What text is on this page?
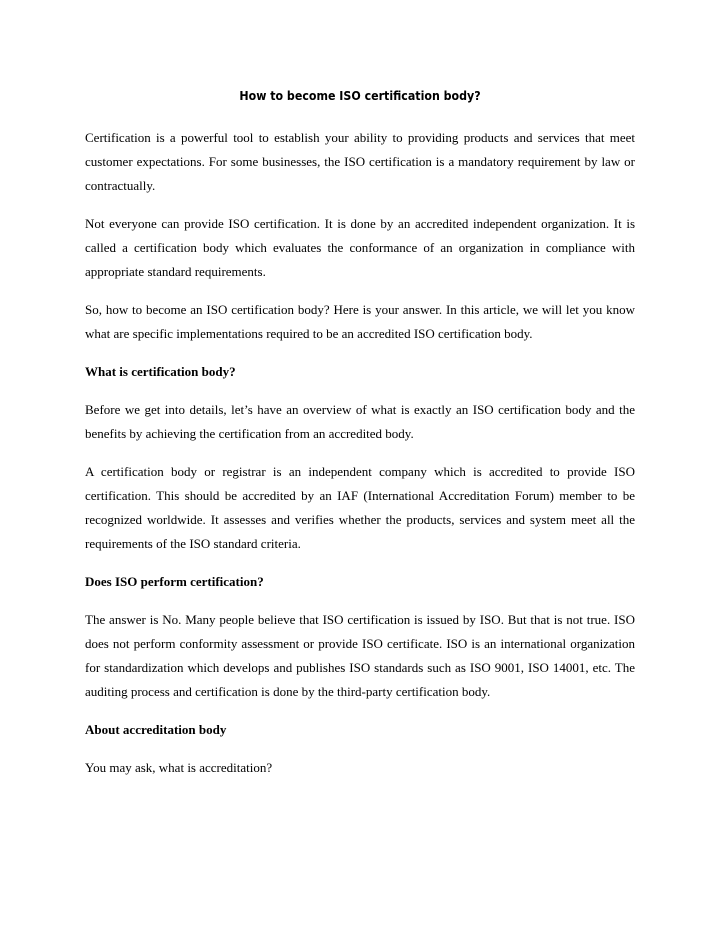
How to become ISO certification body?

Certification is a powerful tool to establish your ability to providing products and services that meet customer expectations. For some businesses, the ISO certification is a mandatory requirement by law or contractually.

Not everyone can provide ISO certification. It is done by an accredited independent organization. It is called a certification body which evaluates the conformance of an organization in compliance with appropriate standard requirements.

So, how to become an ISO certification body? Here is your answer. In this article, we will let you know what are specific implementations required to be an accredited ISO certification body.

What is certification body?

Before we get into details, let’s have an overview of what is exactly an ISO certification body and the benefits by achieving the certification from an accredited body.

A certification body or registrar is an independent company which is accredited to provide ISO certification. This should be accredited by an IAF (International Accreditation Forum) member to be recognized worldwide. It assesses and verifies whether the products, services and system meet all the requirements of the ISO standard criteria.

Does ISO perform certification?

The answer is No. Many people believe that ISO certification is issued by ISO. But that is not true. ISO does not perform conformity assessment or provide ISO certificate. ISO is an international organization for standardization which develops and publishes ISO standards such as ISO 9001, ISO 14001, etc. The auditing process and certification is done by the third-party certification body.

About accreditation body

You may ask, what is accreditation?
